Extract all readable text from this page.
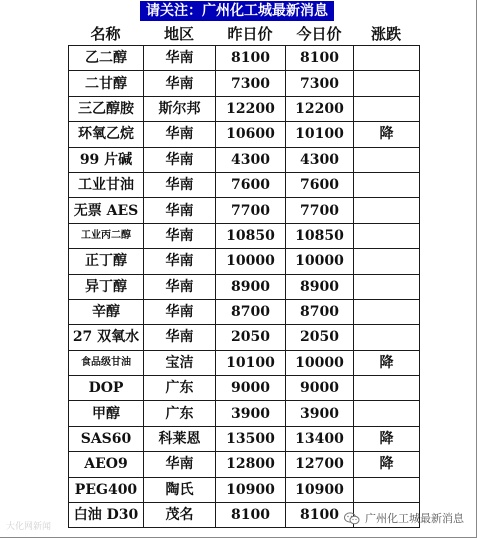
请关注：广州化工城最新消息
名称	地区	昨日价	今日价	涨跌
乙二醇	华南	8100	8100	
二甘醇	华南	7300	7300	
三乙醇胺	斯尔邦	12200	12200	
环氧乙烷	华南	10600	10100	降
99 片碱	华南	4300	4300	
工业甘油	华南	7600	7600	
无票 AES	华南	7700	7700	
工业丙二醇	华南	10850	10850	
正丁醇	华南	10000	10000	
异丁醇	华南	8900	8900	
辛醇	华南	8700	8700	
27 双氧水	华南	2050	2050	
食品级甘油	宝洁	10100	10000	降
DOP	广东	9000	9000	
甲醇	广东	3900	3900	
SAS60	科莱恩	13500	13400	降
AEO9	华南	12800	12700	降
PEG400	陶氏	10900	10900	
白油 D30	茂名	8100	8100	
大化网新闻
广州化工城最新消息
